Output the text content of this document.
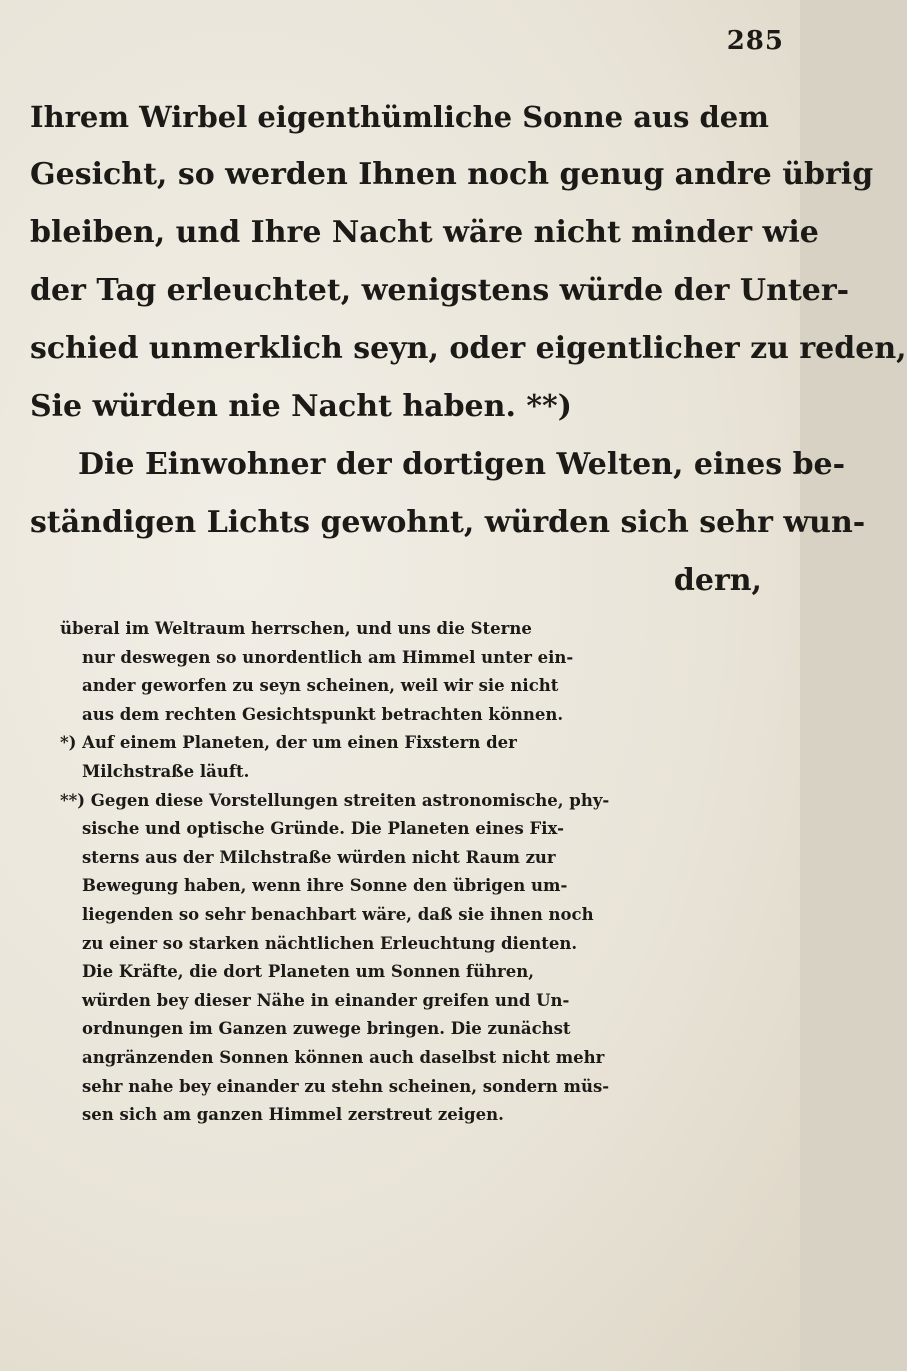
285

Ihrem Wirbel eigenthümliche Sonne aus dem

Gesicht, so werden Ihnen noch genug andre übrig

bleiben, und Ihre Nacht wäre nicht minder wie

der Tag erleuchtet, wenigstens würde der Unter-

schied unmerklich seyn, oder eigentlicher zu reden,

Sie würden nie Nacht haben. **)

Die Einwohner der dortigen Welten, eines be-

ständigen Lichts gewohnt, würden sich sehr wun-

dern,

überal im Weltraum herrschen, und uns die Sterne

nur deswegen so unordentlich am Himmel unter ein-

ander geworfen zu seyn scheinen, weil wir sie nicht

aus dem rechten Gesichtspunkt betrachten können.

*) Auf einem Planeten, der um einen Fixstern der

Milchstraße läuft.

**) Gegen diese Vorstellungen streiten astronomische, phy-

sische und optische Gründe. Die Planeten eines Fix-

sterns aus der Milchstraße würden nicht Raum zur

Bewegung haben, wenn ihre Sonne den übrigen um-

liegenden so sehr benachbart wäre, daß sie ihnen noch

zu einer so starken nächtlichen Erleuchtung dienten.

Die Kräfte, die dort Planeten um Sonnen führen,

würden bey dieser Nähe in einander greifen und Un-

ordnungen im Ganzen zuwege bringen. Die zunächst

angränzenden Sonnen können auch daselbst nicht mehr

sehr nahe bey einander zu stehn scheinen, sondern müs-

sen sich am ganzen Himmel zerstreut zeigen.
